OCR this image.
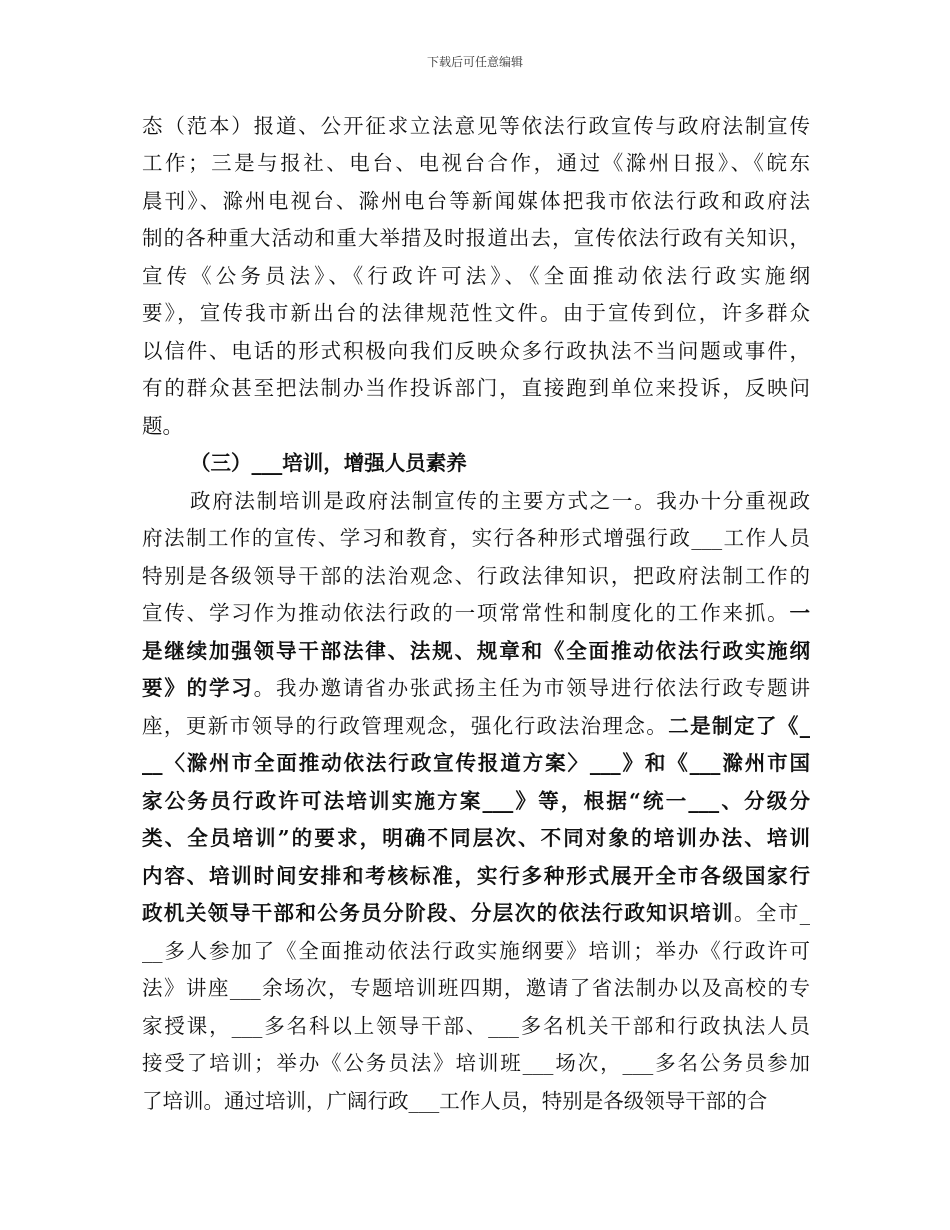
下载后可任意编辑
态（范本）报道、公开征求立法意见等依法行政宣传与政府法制宣传
工作；三是与报社、电台、电视台合作，通过《滁州日报》、《皖东
晨刊》、滁州电视台、滁州电台等新闻媒体把我市依法行政和政府法
制的各种重大活动和重大举措及时报道出去，宣传依法行政有关知识，
宣传《公务员法》、《行政许可法》、《全面推动依法行政实施纲
要》，宣传我市新出台的法律规范性文件。由于宣传到位，许多群众
以信件、电话的形式积极向我们反映众多行政执法不当问题或事件，
有的群众甚至把法制办当作投诉部门，直接跑到单位来投诉，反映问
题。
（三）___培训，增强人员素养
政府法制培训是政府法制宣传的主要方式之一。我办十分重视政
府法制工作的宣传、学习和教育，实行各种形式增强行政___工作人员
特别是各级领导干部的法治观念、行政法律知识，把政府法制工作的
宣传、学习作为推动依法行政的一项常常性和制度化的工作来抓。一
是继续加强领导干部法律、法规、规章和《全面推动依法行政实施纲
要》的学习。我办邀请省办张武扬主任为市领导进行依法行政专题讲
座，更新市领导的行政管理观念，强化行政法治理念。二是制定了《_
__〈滁州市全面推动依法行政宣传报道方案〉___》和《___滁州市国
家公务员行政许可法培训实施方案___》等，根据“统一___、分级分
类、全员培训”的要求，明确不同层次、不同对象的培训办法、培训
内容、培训时间安排和考核标准，实行多种形式展开全市各级国家行
政机关领导干部和公务员分阶段、分层次的依法行政知识培训。全市_
__多人参加了《全面推动依法行政实施纲要》培训；举办《行政许可
法》讲座___余场次，专题培训班四期，邀请了省法制办以及高校的专
家授课，___多名科以上领导干部、___多名机关干部和行政执法人员
接受了培训；举办《公务员法》培训班___场次，___多名公务员参加
了培训。通过培训，广阔行政___工作人员，特别是各级领导干部的合
